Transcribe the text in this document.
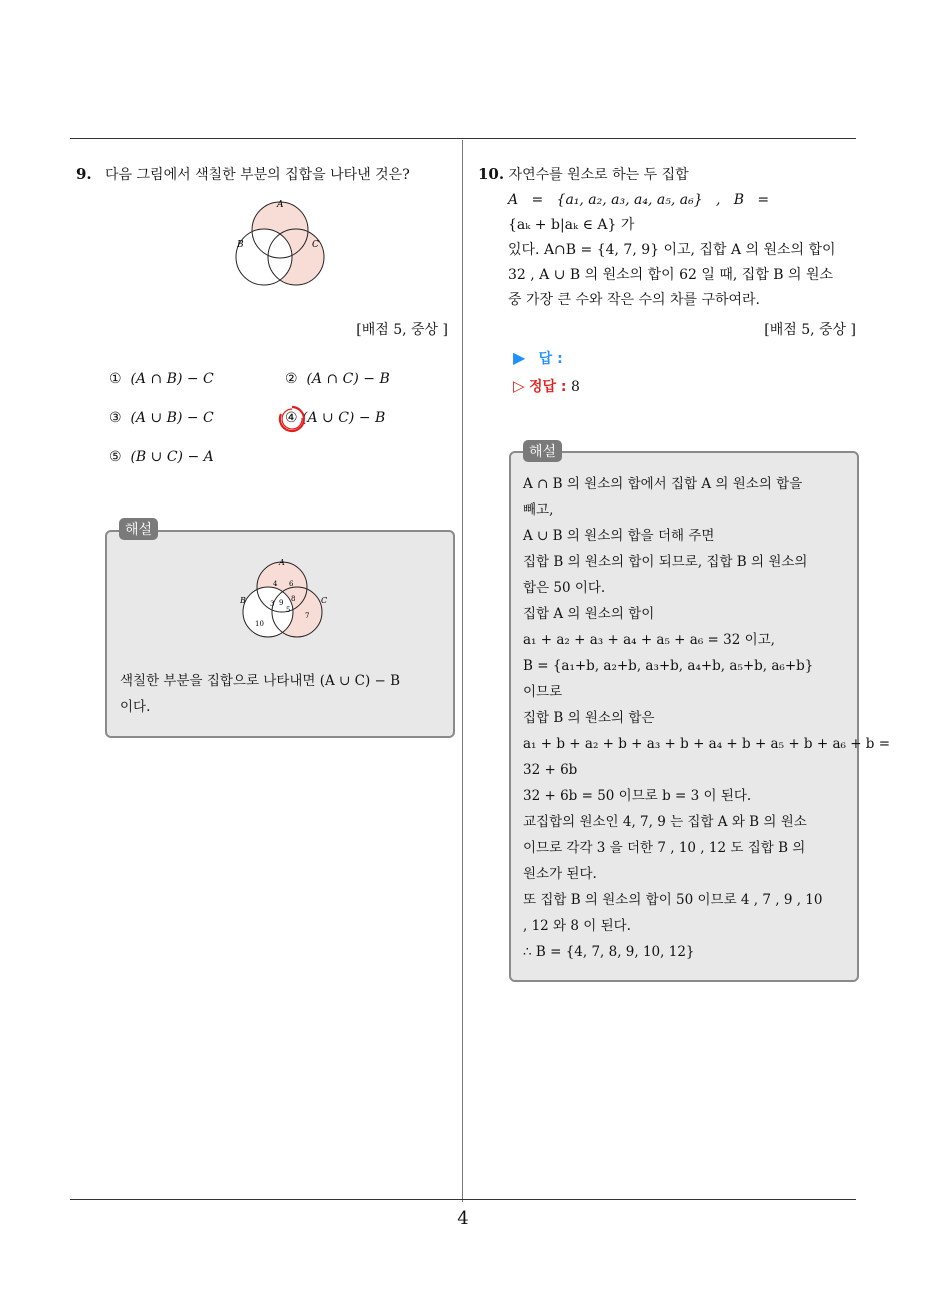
9. 다음 그림에서 색칠한 부분의 집합을 나타낸 것은?
A
B	C
[배점 5, 중상 ]
① (A ∩ B) − C	② (A ∩ C) − B
③ (A ∪ B) − C	④ (A ∪ C) − B
⑤ (B ∪ C) − A
A
B	C
4 6
3 9 8
5
7
10
색칠한 부분을 집합으로 나타내면 (A ∪ C) − B
이다.
해설
10. 자연수를 원소로 하는 두 집합
A   =   {a₁, a₂, a₃, a₄, a₅, a₆}   ,   B   =
{aₖ + b|aₖ ∈ A} 가
있다. A∩B = {4, 7, 9} 이고, 집합 A 의 원소의 합이
32 , A ∪ B 의 원소의 합이 62 일 때, 집합 B 의 원소
중 가장 큰 수와 작은 수의 차를 구하여라.
[배점 5, 중상 ]
▶ 답 :
▷ 정답 : 8
A ∩ B 의 원소의 합에서 집합 A 의 원소의 합을
빼고,
A ∪ B 의 원소의 합을 더해 주면
집합 B 의 원소의 합이 되므로, 집합 B 의 원소의
합은 50 이다.
집합 A 의 원소의 합이
a₁ + a₂ + a₃ + a₄ + a₅ + a₆ = 32 이고,
B = {a₁+b, a₂+b, a₃+b, a₄+b, a₅+b, a₆+b}
이므로
집합 B 의 원소의 합은
a₁ + b + a₂ + b + a₃ + b + a₄ + b + a₅ + b + a₆ + b =
32 + 6b
32 + 6b = 50 이므로 b = 3 이 된다.
교집합의 원소인 4, 7, 9 는 집합 A 와 B 의 원소
이므로 각각 3 을 더한 7 , 10 , 12 도 집합 B 의
원소가 된다.
또 집합 B 의 원소의 합이 50 이므로 4 , 7 , 9 , 10
, 12 와 8 이 된다.
∴ B = {4, 7, 8, 9, 10, 12}
해설
4
